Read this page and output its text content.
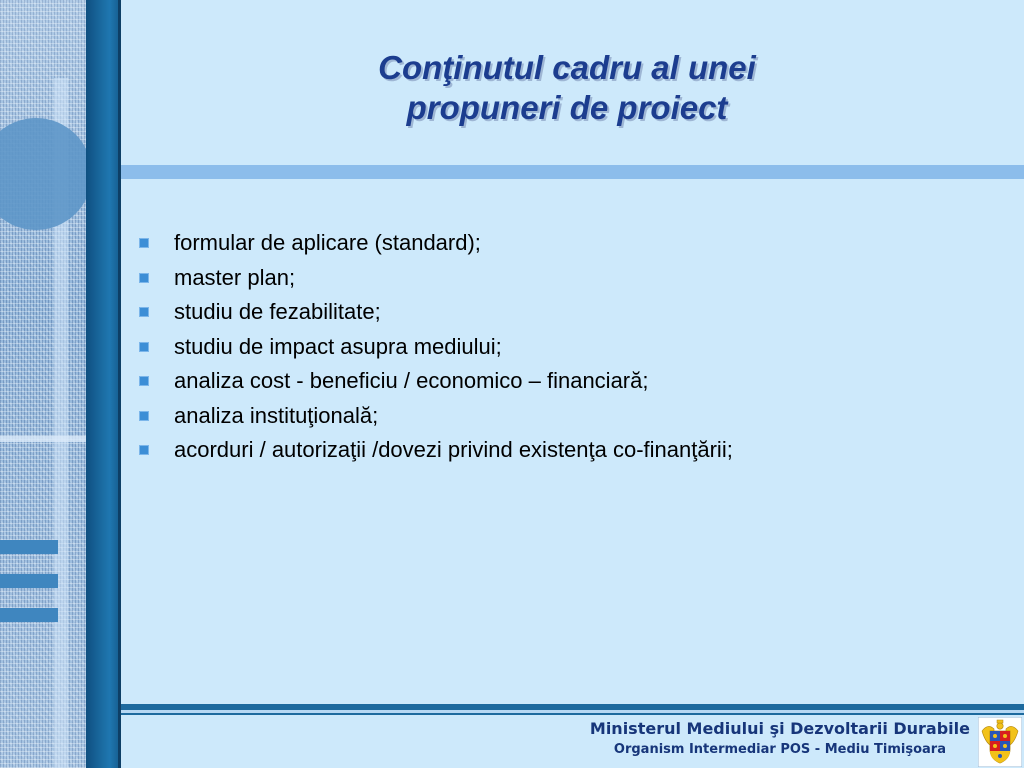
Conţinutul cadru al unei
propuneri de proiect
formular de aplicare (standard);
master plan;
studiu de fezabilitate;
studiu de impact asupra mediului;
analiza cost - beneficiu / economico – financiară;
analiza instituţională;
acorduri / autorizaţii /dovezi privind existenţa co-finanţării;
Ministerul Mediului şi Dezvoltarii Durabile
Organism Intermediar POS - Mediu Timişoara
